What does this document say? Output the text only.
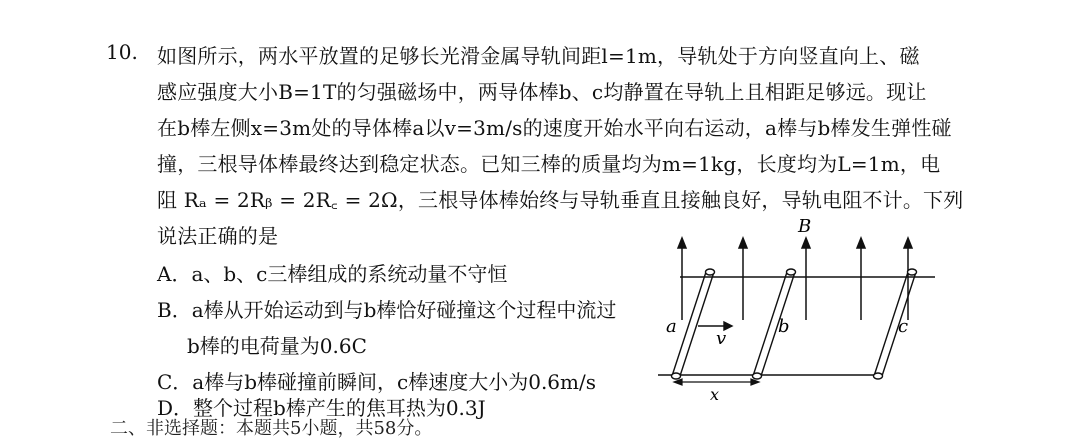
10. 如图所示，两水平放置的足够长光滑金属导轨间距l=1m，导轨处于方向竖直向上、磁
感应强度大小B=1T的匀强磁场中，两导体棒b、c均静置在导轨上且相距足够远。现让
在b棒左侧x=3m处的导体棒a以v=3m/s的速度开始水平向右运动，a棒与b棒发生弹性碰
撞，三根导体棒最终达到稳定状态。已知三棒的质量均为m=1kg，长度均为L=1m，电
阻 Rₐ = 2Rᵦ = 2R꜀ = 2Ω，三根导体棒始终与导轨垂直且接触良好，导轨电阻不计。下列
说法正确的是
A．a、b、c三棒组成的系统动量不守恒
B．a棒从开始运动到与b棒恰好碰撞这个过程中流过
b棒的电荷量为0.6C
C．a棒与b棒碰撞前瞬间，c棒速度大小为0.6m/s
D．整个过程b棒产生的焦耳热为0.3J
二、非选择题：本题共5小题，共58分。
B
a	b	c
v
x
